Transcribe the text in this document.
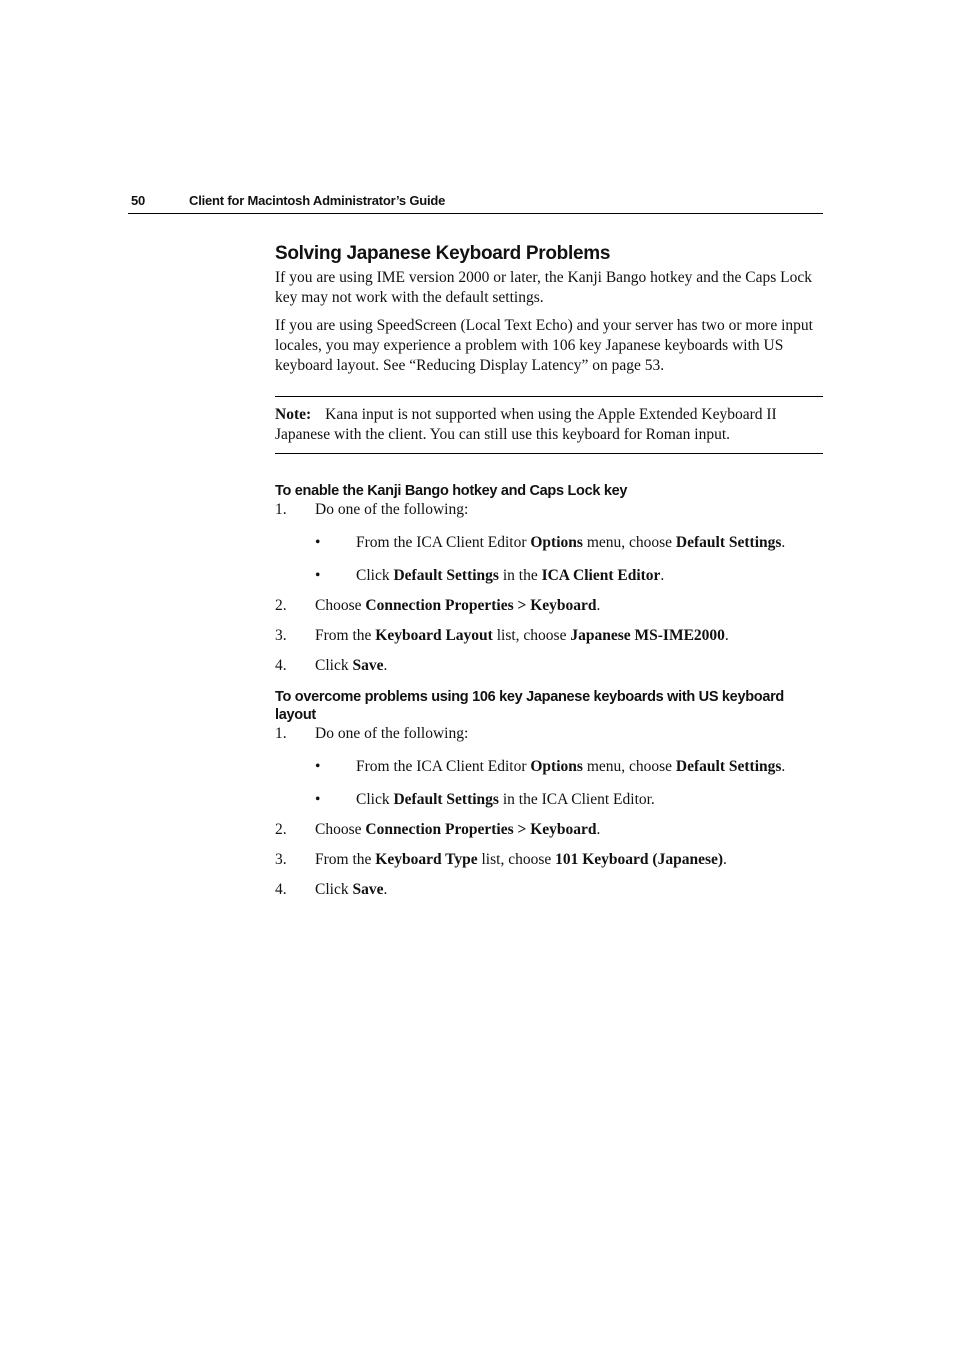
50	Client for Macintosh Administrator’s Guide
Solving Japanese Keyboard Problems

If you are using IME version 2000 or later, the Kanji Bango hotkey and the Caps Lock key may not work with the default settings.

If you are using SpeedScreen (Local Text Echo) and your server has two or more input locales, you may experience a problem with 106 key Japanese keyboards with US keyboard layout. See “Reducing Display Latency” on page 53.

Note: Kana input is not supported when using the Apple Extended Keyboard II Japanese with the client. You can still use this keyboard for Roman input.
To enable the Kanji Bango hotkey and Caps Lock key
1. Do one of the following:
• From the ICA Client Editor Options menu, choose Default Settings.
• Click Default Settings in the ICA Client Editor.
2. Choose Connection Properties > Keyboard.
3. From the Keyboard Layout list, choose Japanese MS-IME2000.
4. Click Save.
To overcome problems using 106 key Japanese keyboards with US keyboard layout
1. Do one of the following:
• From the ICA Client Editor Options menu, choose Default Settings.
• Click Default Settings in the ICA Client Editor.
2. Choose Connection Properties > Keyboard.
3. From the Keyboard Type list, choose 101 Keyboard (Japanese).
4. Click Save.
